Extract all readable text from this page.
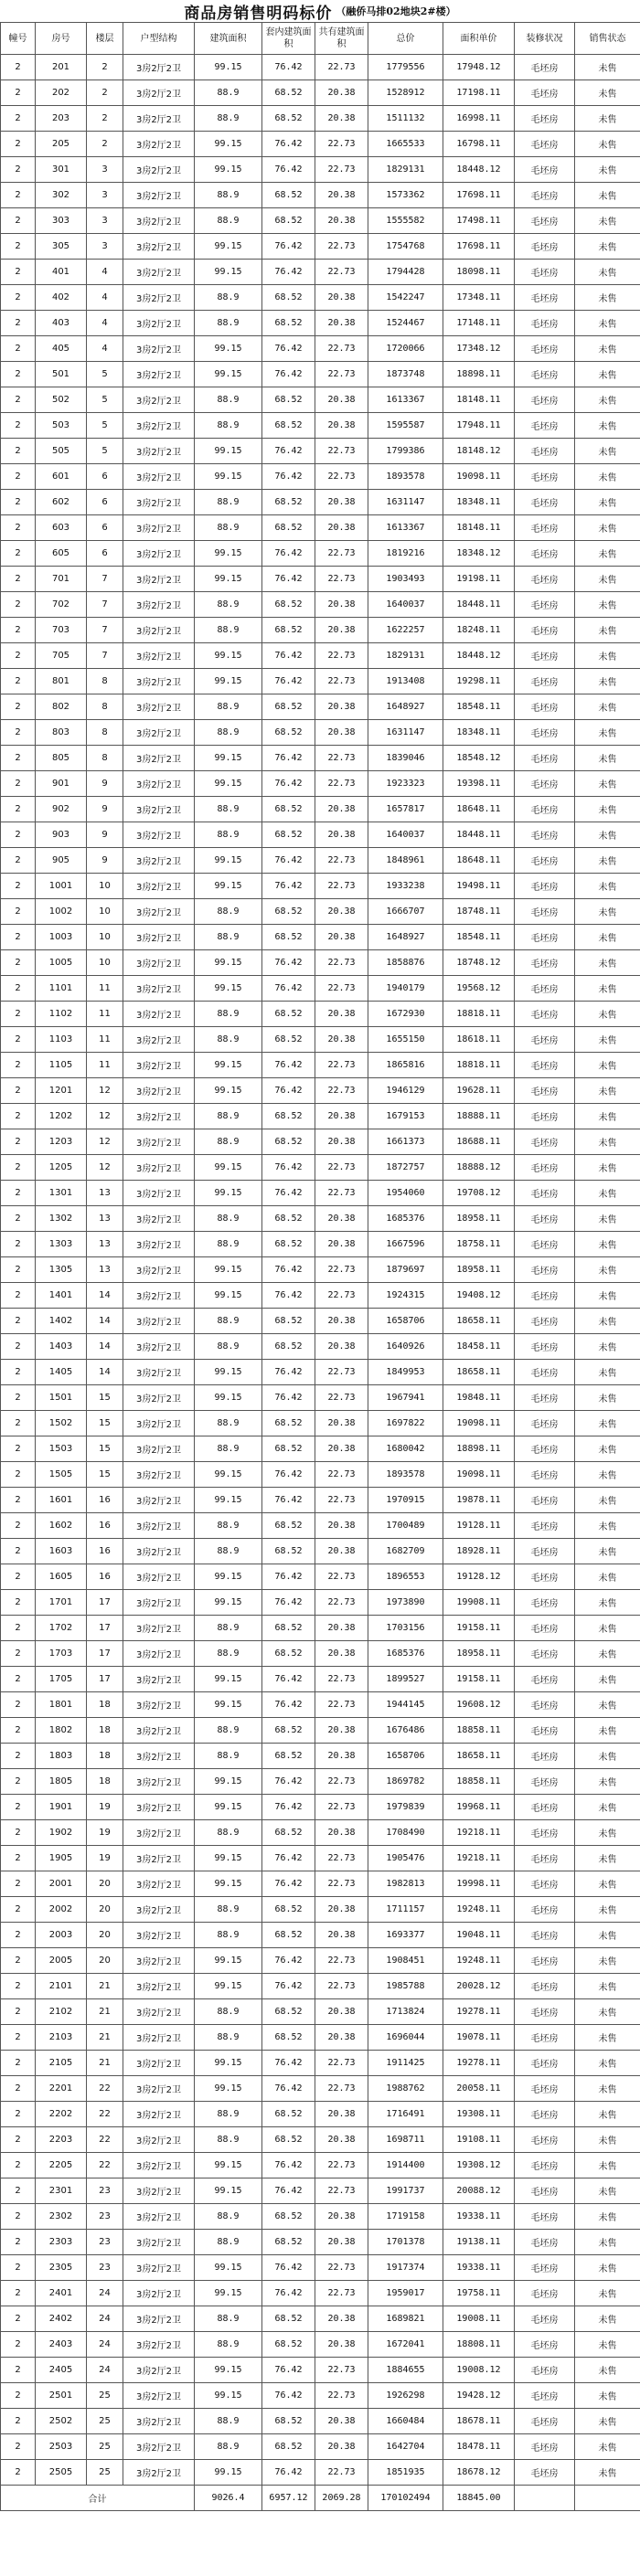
商品房销售明码标价 （融侨马排02地块2#楼）
幢号	房号	楼层	户型结构	建筑面积	套内建筑面积	共有建筑面积	总价	面积单价	装修状况	销售状态
2	201	2	3房2厅2卫	99.15	76.42	22.73	1779556	17948.12	毛坯房	未售
2	202	2	3房2厅2卫	88.9	68.52	20.38	1528912	17198.11	毛坯房	未售
2	203	2	3房2厅2卫	88.9	68.52	20.38	1511132	16998.11	毛坯房	未售
2	205	2	3房2厅2卫	99.15	76.42	22.73	1665533	16798.11	毛坯房	未售
2	301	3	3房2厅2卫	99.15	76.42	22.73	1829131	18448.12	毛坯房	未售
2	302	3	3房2厅2卫	88.9	68.52	20.38	1573362	17698.11	毛坯房	未售
2	303	3	3房2厅2卫	88.9	68.52	20.38	1555582	17498.11	毛坯房	未售
2	305	3	3房2厅2卫	99.15	76.42	22.73	1754768	17698.11	毛坯房	未售
2	401	4	3房2厅2卫	99.15	76.42	22.73	1794428	18098.11	毛坯房	未售
2	402	4	3房2厅2卫	88.9	68.52	20.38	1542247	17348.11	毛坯房	未售
2	403	4	3房2厅2卫	88.9	68.52	20.38	1524467	17148.11	毛坯房	未售
2	405	4	3房2厅2卫	99.15	76.42	22.73	1720066	17348.12	毛坯房	未售
2	501	5	3房2厅2卫	99.15	76.42	22.73	1873748	18898.11	毛坯房	未售
2	502	5	3房2厅2卫	88.9	68.52	20.38	1613367	18148.11	毛坯房	未售
2	503	5	3房2厅2卫	88.9	68.52	20.38	1595587	17948.11	毛坯房	未售
2	505	5	3房2厅2卫	99.15	76.42	22.73	1799386	18148.12	毛坯房	未售
2	601	6	3房2厅2卫	99.15	76.42	22.73	1893578	19098.11	毛坯房	未售
2	602	6	3房2厅2卫	88.9	68.52	20.38	1631147	18348.11	毛坯房	未售
2	603	6	3房2厅2卫	88.9	68.52	20.38	1613367	18148.11	毛坯房	未售
2	605	6	3房2厅2卫	99.15	76.42	22.73	1819216	18348.12	毛坯房	未售
2	701	7	3房2厅2卫	99.15	76.42	22.73	1903493	19198.11	毛坯房	未售
2	702	7	3房2厅2卫	88.9	68.52	20.38	1640037	18448.11	毛坯房	未售
2	703	7	3房2厅2卫	88.9	68.52	20.38	1622257	18248.11	毛坯房	未售
2	705	7	3房2厅2卫	99.15	76.42	22.73	1829131	18448.12	毛坯房	未售
2	801	8	3房2厅2卫	99.15	76.42	22.73	1913408	19298.11	毛坯房	未售
2	802	8	3房2厅2卫	88.9	68.52	20.38	1648927	18548.11	毛坯房	未售
2	803	8	3房2厅2卫	88.9	68.52	20.38	1631147	18348.11	毛坯房	未售
2	805	8	3房2厅2卫	99.15	76.42	22.73	1839046	18548.12	毛坯房	未售
2	901	9	3房2厅2卫	99.15	76.42	22.73	1923323	19398.11	毛坯房	未售
2	902	9	3房2厅2卫	88.9	68.52	20.38	1657817	18648.11	毛坯房	未售
2	903	9	3房2厅2卫	88.9	68.52	20.38	1640037	18448.11	毛坯房	未售
2	905	9	3房2厅2卫	99.15	76.42	22.73	1848961	18648.11	毛坯房	未售
2	1001	10	3房2厅2卫	99.15	76.42	22.73	1933238	19498.11	毛坯房	未售
2	1002	10	3房2厅2卫	88.9	68.52	20.38	1666707	18748.11	毛坯房	未售
2	1003	10	3房2厅2卫	88.9	68.52	20.38	1648927	18548.11	毛坯房	未售
2	1005	10	3房2厅2卫	99.15	76.42	22.73	1858876	18748.12	毛坯房	未售
2	1101	11	3房2厅2卫	99.15	76.42	22.73	1940179	19568.12	毛坯房	未售
2	1102	11	3房2厅2卫	88.9	68.52	20.38	1672930	18818.11	毛坯房	未售
2	1103	11	3房2厅2卫	88.9	68.52	20.38	1655150	18618.11	毛坯房	未售
2	1105	11	3房2厅2卫	99.15	76.42	22.73	1865816	18818.11	毛坯房	未售
2	1201	12	3房2厅2卫	99.15	76.42	22.73	1946129	19628.11	毛坯房	未售
2	1202	12	3房2厅2卫	88.9	68.52	20.38	1679153	18888.11	毛坯房	未售
2	1203	12	3房2厅2卫	88.9	68.52	20.38	1661373	18688.11	毛坯房	未售
2	1205	12	3房2厅2卫	99.15	76.42	22.73	1872757	18888.12	毛坯房	未售
2	1301	13	3房2厅2卫	99.15	76.42	22.73	1954060	19708.12	毛坯房	未售
2	1302	13	3房2厅2卫	88.9	68.52	20.38	1685376	18958.11	毛坯房	未售
2	1303	13	3房2厅2卫	88.9	68.52	20.38	1667596	18758.11	毛坯房	未售
2	1305	13	3房2厅2卫	99.15	76.42	22.73	1879697	18958.11	毛坯房	未售
2	1401	14	3房2厅2卫	99.15	76.42	22.73	1924315	19408.12	毛坯房	未售
2	1402	14	3房2厅2卫	88.9	68.52	20.38	1658706	18658.11	毛坯房	未售
2	1403	14	3房2厅2卫	88.9	68.52	20.38	1640926	18458.11	毛坯房	未售
2	1405	14	3房2厅2卫	99.15	76.42	22.73	1849953	18658.11	毛坯房	未售
2	1501	15	3房2厅2卫	99.15	76.42	22.73	1967941	19848.11	毛坯房	未售
2	1502	15	3房2厅2卫	88.9	68.52	20.38	1697822	19098.11	毛坯房	未售
2	1503	15	3房2厅2卫	88.9	68.52	20.38	1680042	18898.11	毛坯房	未售
2	1505	15	3房2厅2卫	99.15	76.42	22.73	1893578	19098.11	毛坯房	未售
2	1601	16	3房2厅2卫	99.15	76.42	22.73	1970915	19878.11	毛坯房	未售
2	1602	16	3房2厅2卫	88.9	68.52	20.38	1700489	19128.11	毛坯房	未售
2	1603	16	3房2厅2卫	88.9	68.52	20.38	1682709	18928.11	毛坯房	未售
2	1605	16	3房2厅2卫	99.15	76.42	22.73	1896553	19128.12	毛坯房	未售
2	1701	17	3房2厅2卫	99.15	76.42	22.73	1973890	19908.11	毛坯房	未售
2	1702	17	3房2厅2卫	88.9	68.52	20.38	1703156	19158.11	毛坯房	未售
2	1703	17	3房2厅2卫	88.9	68.52	20.38	1685376	18958.11	毛坯房	未售
2	1705	17	3房2厅2卫	99.15	76.42	22.73	1899527	19158.11	毛坯房	未售
2	1801	18	3房2厅2卫	99.15	76.42	22.73	1944145	19608.12	毛坯房	未售
2	1802	18	3房2厅2卫	88.9	68.52	20.38	1676486	18858.11	毛坯房	未售
2	1803	18	3房2厅2卫	88.9	68.52	20.38	1658706	18658.11	毛坯房	未售
2	1805	18	3房2厅2卫	99.15	76.42	22.73	1869782	18858.11	毛坯房	未售
2	1901	19	3房2厅2卫	99.15	76.42	22.73	1979839	19968.11	毛坯房	未售
2	1902	19	3房2厅2卫	88.9	68.52	20.38	1708490	19218.11	毛坯房	未售
2	1905	19	3房2厅2卫	99.15	76.42	22.73	1905476	19218.11	毛坯房	未售
2	2001	20	3房2厅2卫	99.15	76.42	22.73	1982813	19998.11	毛坯房	未售
2	2002	20	3房2厅2卫	88.9	68.52	20.38	1711157	19248.11	毛坯房	未售
2	2003	20	3房2厅2卫	88.9	68.52	20.38	1693377	19048.11	毛坯房	未售
2	2005	20	3房2厅2卫	99.15	76.42	22.73	1908451	19248.11	毛坯房	未售
2	2101	21	3房2厅2卫	99.15	76.42	22.73	1985788	20028.12	毛坯房	未售
2	2102	21	3房2厅2卫	88.9	68.52	20.38	1713824	19278.11	毛坯房	未售
2	2103	21	3房2厅2卫	88.9	68.52	20.38	1696044	19078.11	毛坯房	未售
2	2105	21	3房2厅2卫	99.15	76.42	22.73	1911425	19278.11	毛坯房	未售
2	2201	22	3房2厅2卫	99.15	76.42	22.73	1988762	20058.11	毛坯房	未售
2	2202	22	3房2厅2卫	88.9	68.52	20.38	1716491	19308.11	毛坯房	未售
2	2203	22	3房2厅2卫	88.9	68.52	20.38	1698711	19108.11	毛坯房	未售
2	2205	22	3房2厅2卫	99.15	76.42	22.73	1914400	19308.12	毛坯房	未售
2	2301	23	3房2厅2卫	99.15	76.42	22.73	1991737	20088.12	毛坯房	未售
2	2302	23	3房2厅2卫	88.9	68.52	20.38	1719158	19338.11	毛坯房	未售
2	2303	23	3房2厅2卫	88.9	68.52	20.38	1701378	19138.11	毛坯房	未售
2	2305	23	3房2厅2卫	99.15	76.42	22.73	1917374	19338.11	毛坯房	未售
2	2401	24	3房2厅2卫	99.15	76.42	22.73	1959017	19758.11	毛坯房	未售
2	2402	24	3房2厅2卫	88.9	68.52	20.38	1689821	19008.11	毛坯房	未售
2	2403	24	3房2厅2卫	88.9	68.52	20.38	1672041	18808.11	毛坯房	未售
2	2405	24	3房2厅2卫	99.15	76.42	22.73	1884655	19008.12	毛坯房	未售
2	2501	25	3房2厅2卫	99.15	76.42	22.73	1926298	19428.12	毛坯房	未售
2	2502	25	3房2厅2卫	88.9	68.52	20.38	1660484	18678.11	毛坯房	未售
2	2503	25	3房2厅2卫	88.9	68.52	20.38	1642704	18478.11	毛坯房	未售
2	2505	25	3房2厅2卫	99.15	76.42	22.73	1851935	18678.12	毛坯房	未售
合计				9026.4	6957.12	2069.28	170102494	18845.00		
